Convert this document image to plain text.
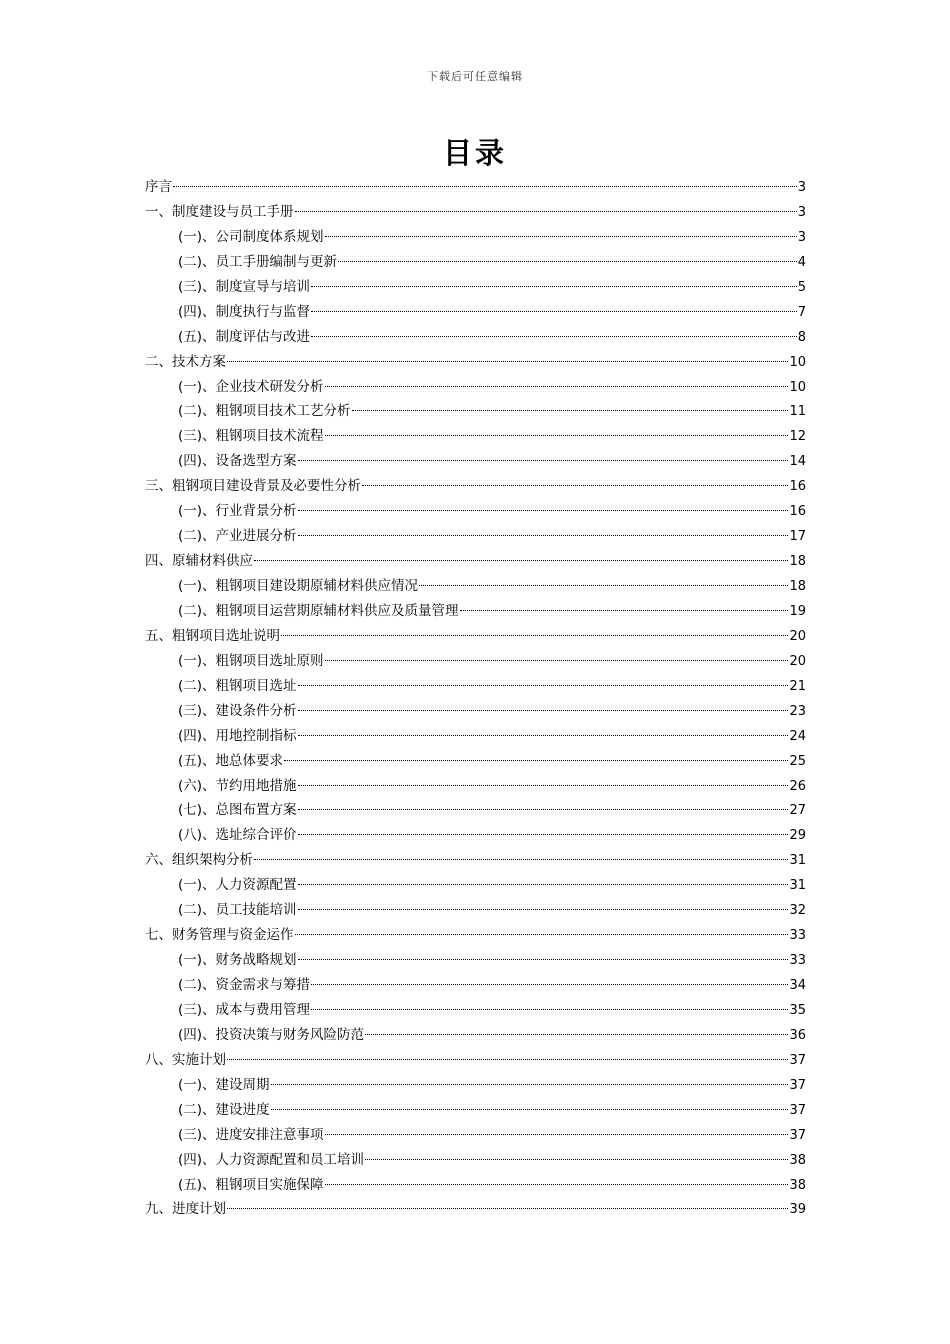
下载后可任意编辑
目录
序言	3
一、制度建设与员工手册	3
(一)、公司制度体系规划	3
(二)、员工手册编制与更新	4
(三)、制度宣导与培训	5
(四)、制度执行与监督	7
(五)、制度评估与改进	8
二、技术方案	10
(一)、企业技术研发分析	10
(二)、粗钢项目技术工艺分析	11
(三)、粗钢项目技术流程	12
(四)、设备选型方案	14
三、粗钢项目建设背景及必要性分析	16
(一)、行业背景分析	16
(二)、产业进展分析	17
四、原辅材料供应	18
(一)、粗钢项目建设期原辅材料供应情况	18
(二)、粗钢项目运营期原辅材料供应及质量管理	19
五、粗钢项目选址说明	20
(一)、粗钢项目选址原则	20
(二)、粗钢项目选址	21
(三)、建设条件分析	23
(四)、用地控制指标	24
(五)、地总体要求	25
(六)、节约用地措施	26
(七)、总图布置方案	27
(八)、选址综合评价	29
六、组织架构分析	31
(一)、人力资源配置	31
(二)、员工技能培训	32
七、财务管理与资金运作	33
(一)、财务战略规划	33
(二)、资金需求与筹措	34
(三)、成本与费用管理	35
(四)、投资决策与财务风险防范	36
八、实施计划	37
(一)、建设周期	37
(二)、建设进度	37
(三)、进度安排注意事项	37
(四)、人力资源配置和员工培训	38
(五)、粗钢项目实施保障	38
九、进度计划	39
